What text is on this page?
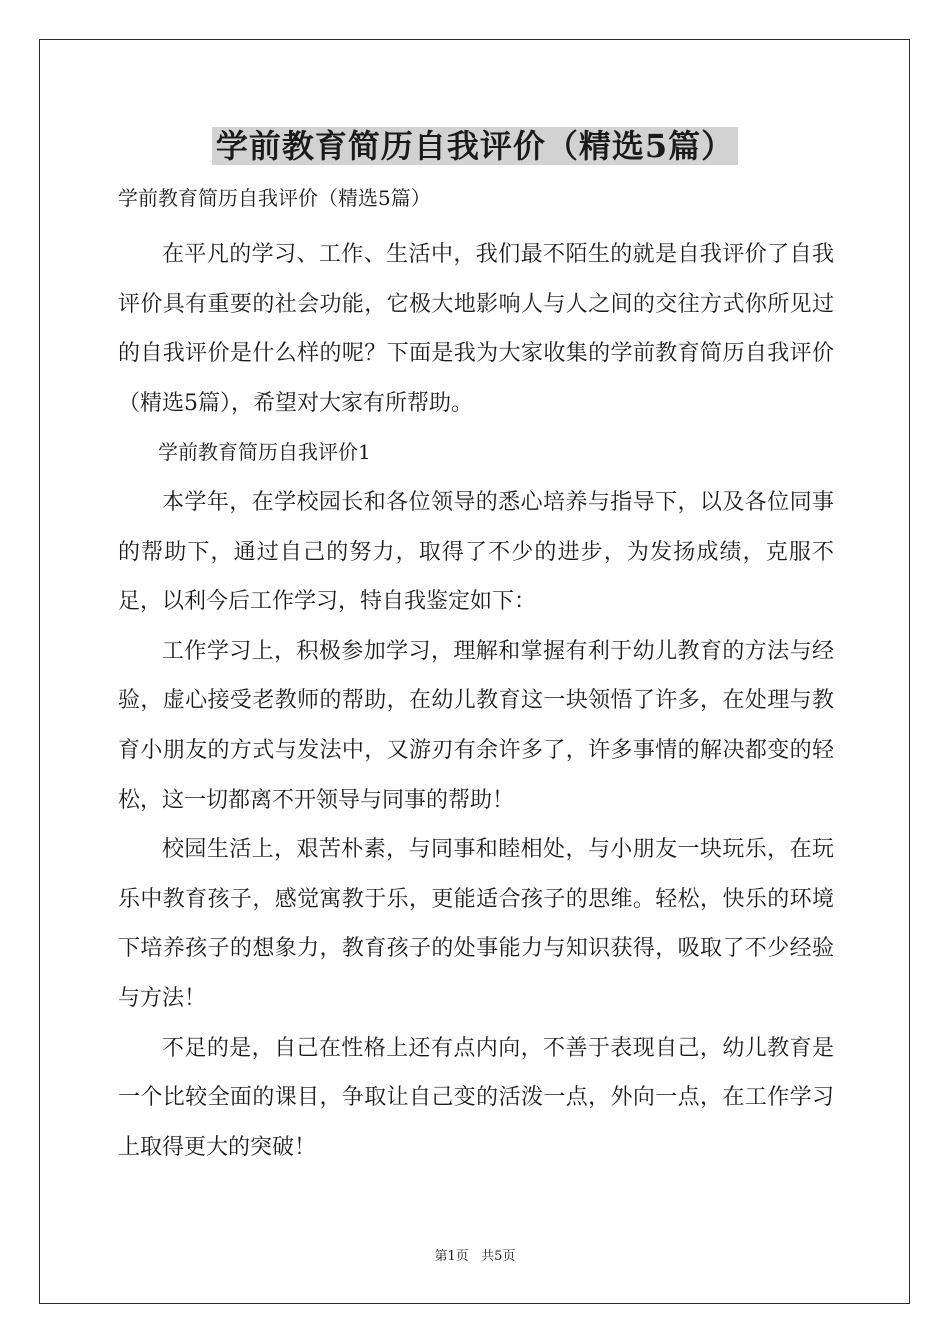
学前教育简历自我评价（精选5篇）
学前教育简历自我评价（精选5篇）

在平凡的学习、工作、生活中，我们最不陌生的就是自我评价了自我评价具有重要的社会功能，它极大地影响人与人之间的交往方式你所见过的自我评价是什么样的呢？下面是我为大家收集的学前教育简历自我评价（精选5篇），希望对大家有所帮助。

学前教育简历自我评价1

本学年，在学校园长和各位领导的悉心培养与指导下，以及各位同事的帮助下，通过自己的努力，取得了不少的进步，为发扬成绩，克服不足，以利今后工作学习，特自我鉴定如下：

工作学习上，积极参加学习，理解和掌握有利于幼儿教育的方法与经验，虚心接受老教师的帮助，在幼儿教育这一块领悟了许多，在处理与教育小朋友的方式与发法中，又游刃有余许多了，许多事情的解决都变的轻松，这一切都离不开领导与同事的帮助！

校园生活上，艰苦朴素，与同事和睦相处，与小朋友一块玩乐，在玩乐中教育孩子，感觉寓教于乐，更能适合孩子的思维。轻松，快乐的环境下培养孩子的想象力，教育孩子的处事能力与知识获得，吸取了不少经验与方法！

不足的是，自己在性格上还有点内向，不善于表现自己，幼儿教育是一个比较全面的课目，争取让自己变的活泼一点，外向一点，在工作学习上取得更大的突破！

第1页   共5页
